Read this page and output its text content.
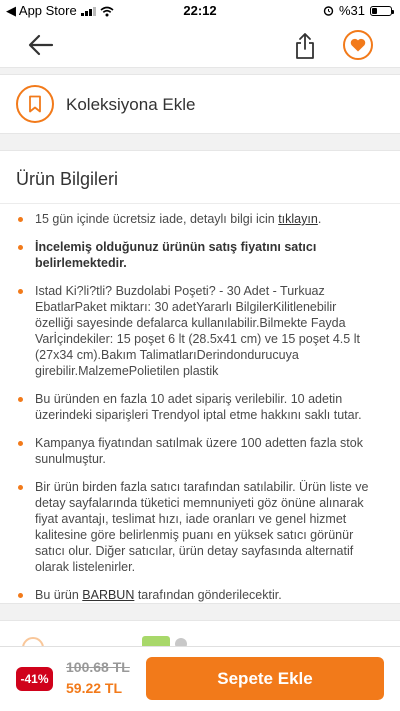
◀ App Store	22:12	%31
Koleksiyona Ekle
Ürün Bilgileri
15 gün içinde ücretsiz iade, detaylı bilgi icin tıklayın.
İncelemiş olduğunuz ürünün satış fiyatını satıcı belirlemektedir.
Istad Ki?li?tli? Buzdolabi Poşeti? - 30 Adet - Turkuaz EbatlarPaket miktarı: 30 adetYararlı BilgilerKilitlenebilir özelliği sayesinde defalarca kullanılabilir.Bilmekte Fayda Varİçindekiler: 15 poşet 6 lt (28.5x41 cm) ve 15 poşet 4.5 lt (27x34 cm).Bakım TalimatlarıDerindondurucuya girebilir.MalzemePolietilen plastik
Bu üründen en fazla 10 adet sipariş verilebilir. 10 adetin üzerindeki siparişleri Trendyol iptal etme hakkını saklı tutar.
Kampanya fiyatından satılmak üzere 100 adetten fazla stok sunulmuştur.
Bir ürün birden fazla satıcı tarafından satılabilir. Ürün liste ve detay sayfalarında tüketici memnuniyeti göz önüne alınarak fiyat avantajı, teslimat hızı, iade oranları ve genel hizmet kalitesine göre belirlenmiş puanı en yüksek satıcı görünür satıcı olur. Diğer satıcılar, ürün detay sayfasında alternatif olarak listelenirler.
Bu ürün BARBUN tarafından gönderilecektir.
-41%
100.68 TL
59.22 TL
Sepete Ekle
